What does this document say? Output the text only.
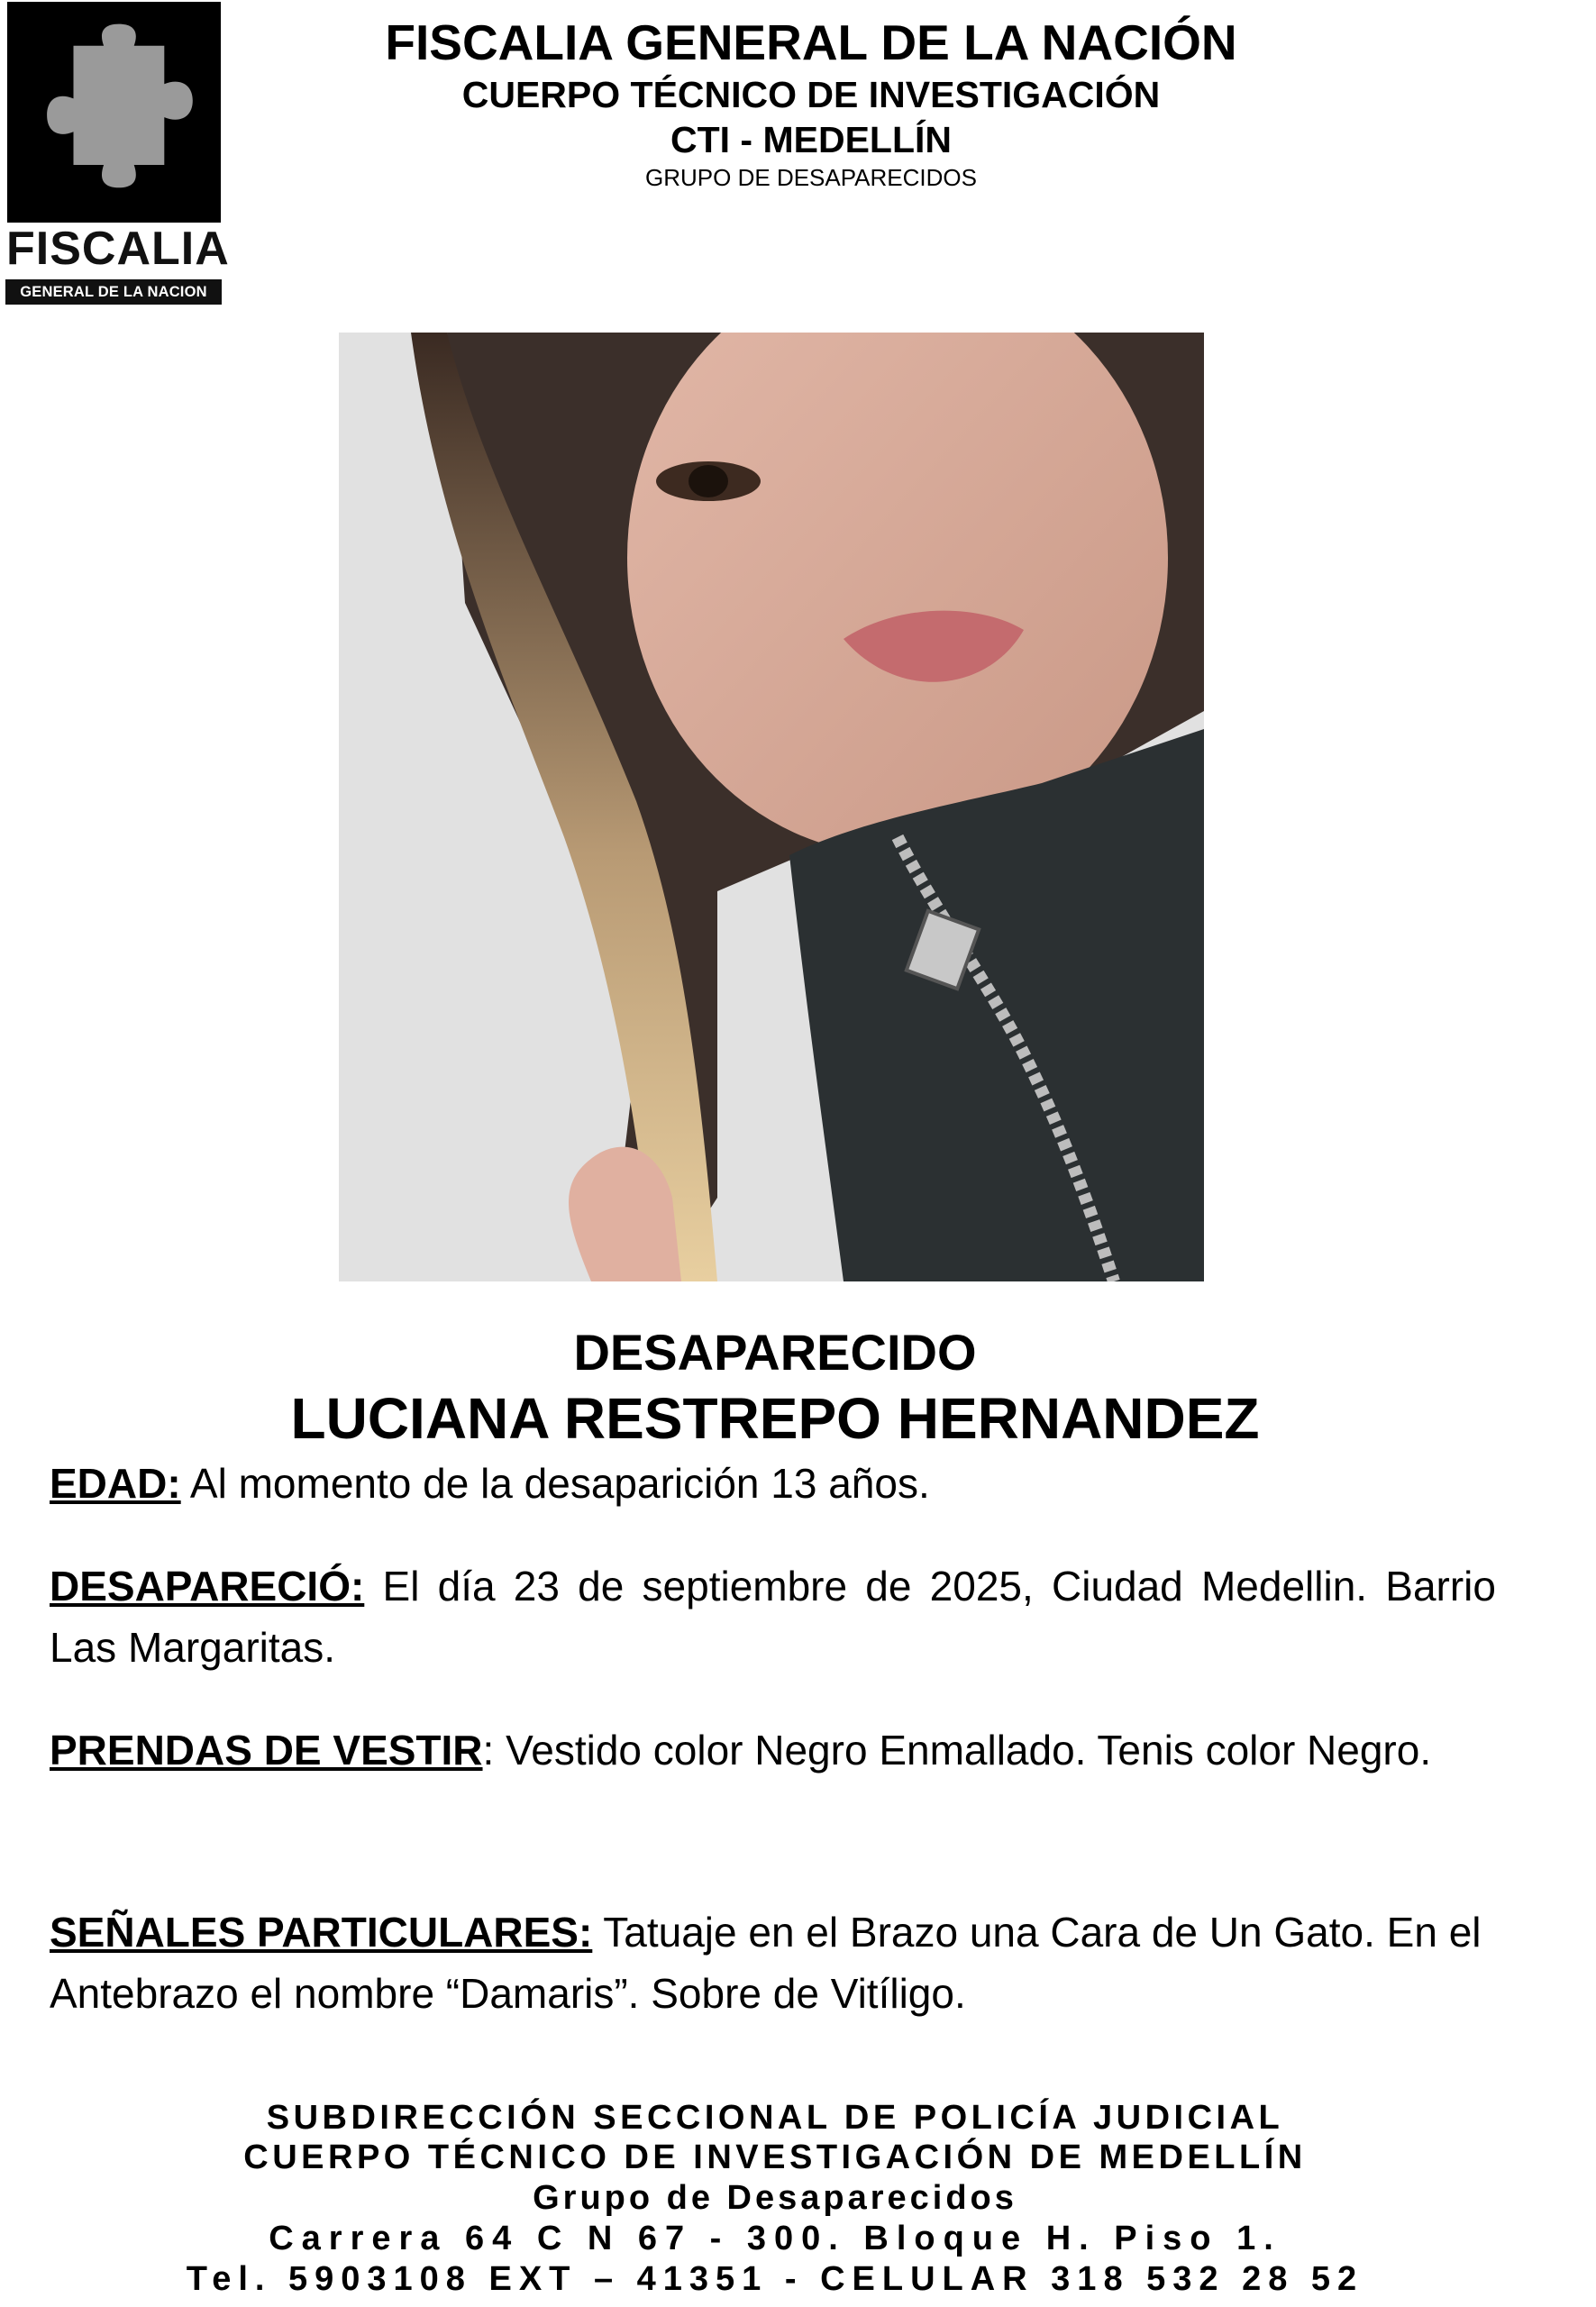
FISCALIA
GENERAL DE LA NACION
FISCALIA GENERAL DE LA NACIÓN
CUERPO TÉCNICO DE INVESTIGACIÓN
CTI - MEDELLÍN
GRUPO DE DESAPARECIDOS
DESAPARECIDO
LUCIANA RESTREPO HERNANDEZ
EDAD: Al momento de la desaparición 13 años.
DESAPARECIÓ: El día 23 de septiembre de 2025, Ciudad Medellin. Barrio Las Margaritas.
PRENDAS DE VESTIR: Vestido color Negro Enmallado. Tenis color Negro.
SEÑALES PARTICULARES: Tatuaje en el Brazo una Cara de Un Gato. En el Antebrazo el nombre “Damaris”. Sobre de Vitíligo.
SUBDIRECCIÓN SECCIONAL DE POLICÍA JUDICIAL
CUERPO TÉCNICO DE INVESTIGACIÓN DE MEDELLÍN
Grupo de Desaparecidos
Carrera 64 C N 67 - 300. Bloque H. Piso 1.
Tel. 5903108 EXT – 41351 - CELULAR 318 532 28 52
